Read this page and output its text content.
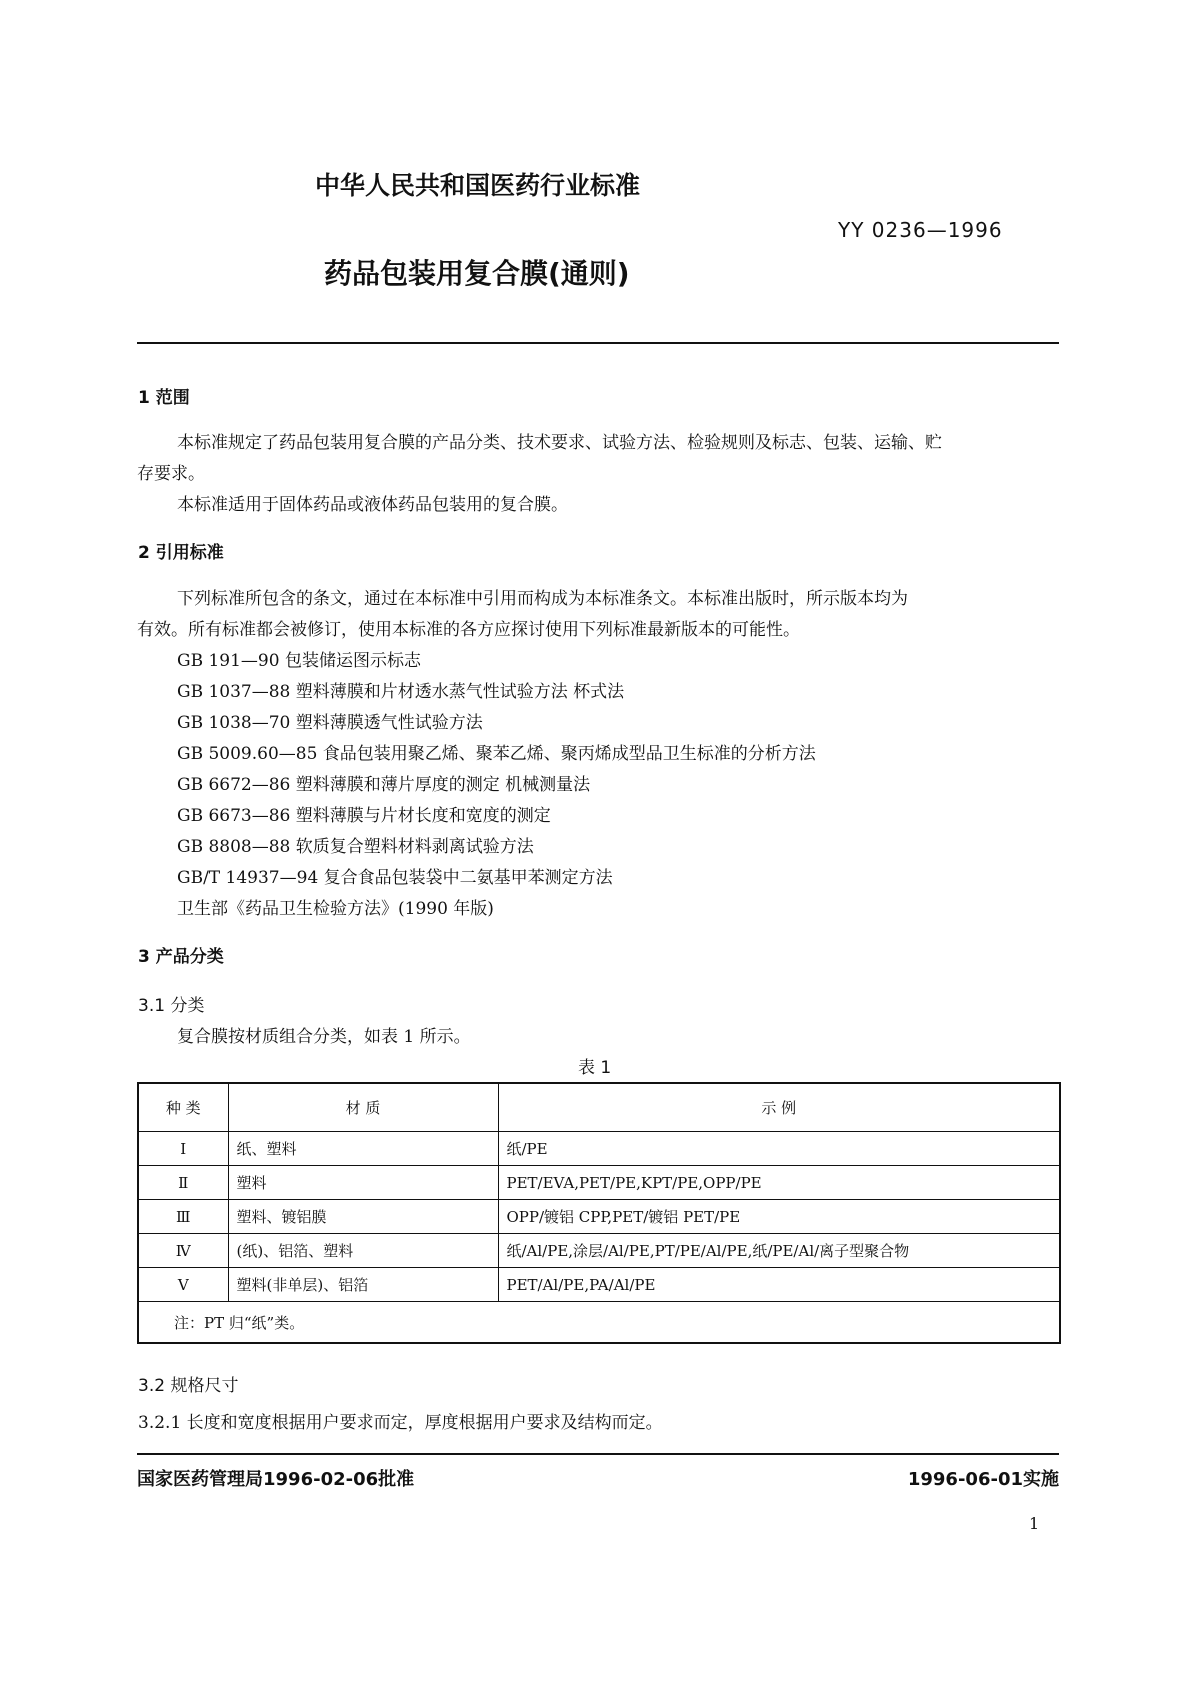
中华人民共和国医药行业标准
YY 0236—1996
药品包装用复合膜(通则)
1 范围
本标准规定了药品包装用复合膜的产品分类、技术要求、试验方法、检验规则及标志、包装、运输、贮
存要求。
本标准适用于固体药品或液体药品包装用的复合膜。
2 引用标准
下列标准所包含的条文，通过在本标准中引用而构成为本标准条文。本标准出版时，所示版本均为
有效。所有标准都会被修订，使用本标准的各方应探讨使用下列标准最新版本的可能性。
GB 191—90 包装储运图示标志
GB 1037—88 塑料薄膜和片材透水蒸气性试验方法 杯式法
GB 1038—70 塑料薄膜透气性试验方法
GB 5009.60—85 食品包装用聚乙烯、聚苯乙烯、聚丙烯成型品卫生标准的分析方法
GB 6672—86 塑料薄膜和薄片厚度的测定 机械测量法
GB 6673—86 塑料薄膜与片材长度和宽度的测定
GB 8808—88 软质复合塑料材料剥离试验方法
GB/T 14937—94 复合食品包装袋中二氨基甲苯测定方法
卫生部《药品卫生检验方法》(1990 年版)
3 产品分类
3.1 分类
复合膜按材质组合分类，如表 1 所示。
表 1
种 类	材 质	示 例
Ⅰ	纸、塑料	纸/PE
Ⅱ	塑料	PET/EVA,PET/PE,KPT/PE,OPP/PE
Ⅲ	塑料、镀铝膜	OPP/镀铝 CPP,PET/镀铝 PET/PE
Ⅳ	(纸)、铝箔、塑料	纸/Al/PE,涂层/Al/PE,PT/PE/Al/PE,纸/PE/Al/离子型聚合物
Ⅴ	塑料(非单层)、铝箔	PET/Al/PE,PA/Al/PE
注：PT 归“纸”类。		
3.2 规格尺寸
3.2.1 长度和宽度根据用户要求而定，厚度根据用户要求及结构而定。
国家医药管理局1996-02-06批准	1996-06-01实施
1
